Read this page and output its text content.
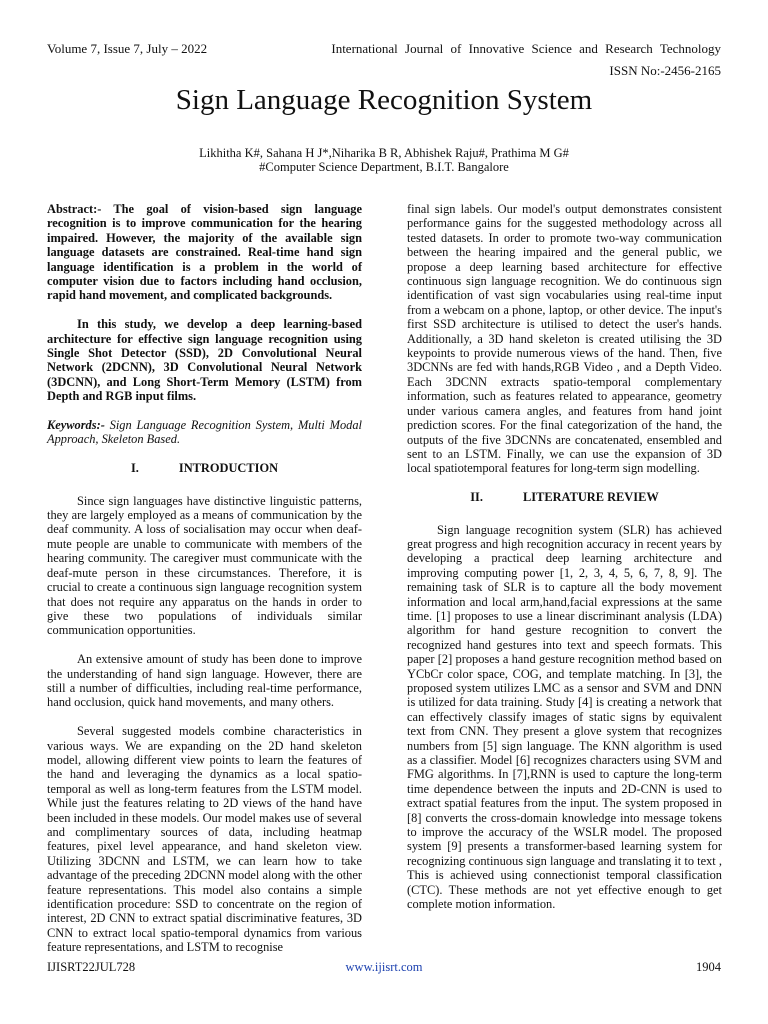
Volume 7, Issue 7, July – 2022	International Journal of Innovative Science and Research Technology
ISSN No:-2456-2165
Sign Language Recognition System
Likhitha K#, Sahana H J*,Niharika B R, Abhishek Raju#, Prathima M G#
#Computer Science Department, B.I.T. Bangalore

Abstract:- The goal of vision-based sign language recognition is to improve communication for the hearing impaired. However, the majority of the available sign language datasets are constrained. Real-time hand sign language identification is a problem in the world of computer vision due to factors including hand occlusion, rapid hand movement, and complicated backgrounds.

In this study, we develop a deep learning-based architecture for effective sign language recognition using Single Shot Detector (SSD), 2D Convolutional Neural Network (2DCNN), 3D Convolutional Neural Network (3DCNN), and Long Short-Term Memory (LSTM) from Depth and RGB input films.

Keywords:- Sign Language Recognition System, Multi Modal Approach, Skeleton Based.

I.	INTRODUCTION

Since sign languages have distinctive linguistic patterns, they are largely employed as a means of communication by the deaf community. A loss of socialisation may occur when deaf-mute people are unable to communicate with members of the hearing community. The caregiver must communicate with the deaf-mute person in these circumstances. Therefore, it is crucial to create a continuous sign language recognition system that does not require any apparatus on the hands in order to give these two populations of individuals similar communication opportunities.

An extensive amount of study has been done to improve the understanding of hand sign language. However, there are still a number of difficulties, including real-time performance, hand occlusion, quick hand movements, and many others.

Several suggested models combine characteristics in various ways. We are expanding on the 2D hand skeleton model, allowing different view points to learn the features of the hand and leveraging the dynamics as a local spatio-temporal as well as long-term features from the LSTM model. While just the features relating to 2D views of the hand have been included in these models. Our model makes use of several and complimentary sources of data, including heatmap features, pixel level appearance, and hand skeleton view. Utilizing 3DCNN and LSTM, we can learn how to take advantage of the preceding 2DCNN model along with the other feature representations. This model also contains a simple identification procedure: SSD to concentrate on the region of interest, 2D CNN to extract spatial discriminative features, 3D CNN to extract local spatio-temporal dynamics from various feature representations, and LSTM to recognise

final sign labels. Our model's output demonstrates consistent performance gains for the suggested methodology across all tested datasets. In order to promote two-way communication between the hearing impaired and the general public, we propose a deep learning based architecture for effective continuous sign language recognition. We do continuous sign identification of vast sign vocabularies using real-time input from a webcam on a phone, laptop, or other device. The input's first SSD architecture is utilised to detect the user's hands. Additionally, a 3D hand skeleton is created utilising the 3D keypoints to provide numerous views of the hand. Then, five 3DCNNs are fed with hands,RGB Video , and a Depth Video. Each 3DCNN extracts spatio-temporal complementary information, such as features related to appearance, geometry under various camera angles, and features from hand joint prediction scores. For the final categorization of the hand, the outputs of the five 3DCNNs are concatenated, ensembled and sent to an LSTM. Finally, we can use the expansion of 3D local spatiotemporal features for long-term sign modelling.

II.	LITERATURE REVIEW

Sign language recognition system (SLR) has achieved great progress and high recognition accuracy in recent years by developing a practical deep learning architecture and improving computing power [1, 2, 3, 4, 5, 6, 7, 8, 9]. The remaining task of SLR is to capture all the body movement information and local arm,hand,facial expressions at the same time. [1] proposes to use a linear discriminant analysis (LDA) algorithm for hand gesture recognition to convert the recognized hand gestures into text and speech formats. This paper [2] proposes a hand gesture recognition method based on YCbCr color space, COG, and template matching. In [3], the proposed system utilizes LMC as a sensor and SVM and DNN is utilized for data training. Study [4] is creating a network that can effectively classify images of static signs by equivalent text from CNN. They present a glove system that recognizes numbers from [5] sign language. The KNN algorithm is used as a classifier. Model [6] recognizes characters using SVM and FMG algorithms. In [7],RNN is used to capture the long-term time dependence between the inputs and 2D-CNN is used to extract spatial features from the input. The system proposed in [8] converts the cross-domain knowledge into message tokens to improve the accuracy of the WSLR model. The proposed system [9] presents a transformer-based learning system for recognizing continuous sign language and translating it to text , This is achieved using connectionist temporal classification (CTC). These methods are not yet effective enough to get complete motion information.

IJISRT22JUL728	www.ijisrt.com	1904
